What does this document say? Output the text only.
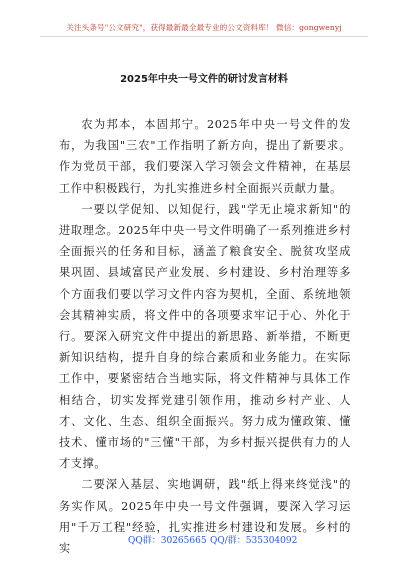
关注头条号"公文研究"，获得最新最全最专业的公文资料库！ 微信：gongwenyj
2025年中央一号文件的研讨发言材料

农为邦本，本固邦宁。2025年中央一号文件的发布，为我国"三农"工作指明了新方向，提出了新要求。作为党员干部，我们要深入学习领会文件精神，在基层工作中积极践行，为扎实推进乡村全面振兴贡献力量。

一要以学促知、以知促行，践"学无止境求新知"的进取理念。2025年中央一号文件明确了一系列推进乡村全面振兴的任务和目标，涵盖了粮食安全、脱贫攻坚成果巩固、县域富民产业发展、乡村建设、乡村治理等多个方面我们要以学习文件内容为契机，全面、系统地领会其精神实质，将文件中的各项要求牢记于心、外化于行。要深入研究文件中提出的新思路、新举措，不断更新知识结构，提升自身的综合素质和业务能力。在实际工作中，要紧密结合当地实际，将文件精神与具体工作相结合，切实发挥党建引领作用，推动乡村产业、人才、文化、生态、组织全面振兴。努力成为懂政策、懂技术、懂市场的"三懂"干部，为乡村振兴提供有力的人才支撑。

二要深入基层、实地调研，践"纸上得来终觉浅"的务实作风。2025年中央一号文件强调，要深入学习运用"千万工程"经验，扎实推进乡村建设和发展。乡村的实

QQ群：30265665 QQ/群：535304092
